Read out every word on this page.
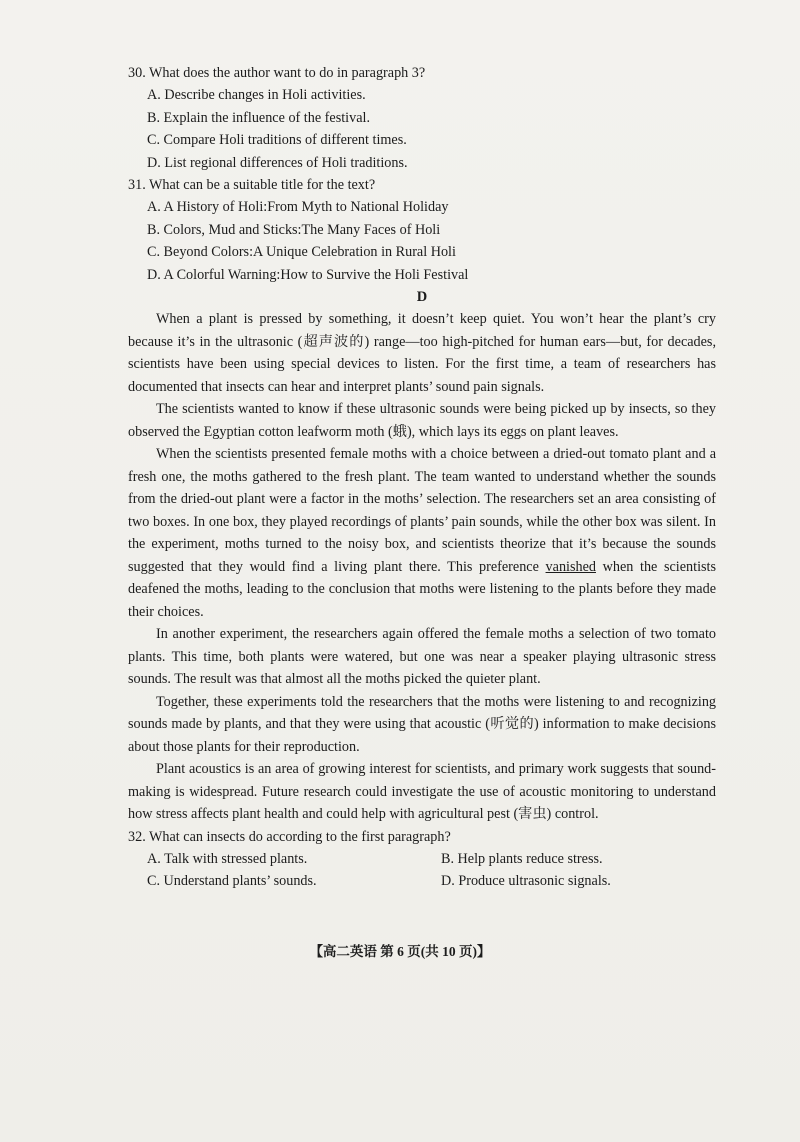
30. What does the author want to do in paragraph 3?
A. Describe changes in Holi activities.
B. Explain the influence of the festival.
C. Compare Holi traditions of different times.
D. List regional differences of Holi traditions.
31. What can be a suitable title for the text?
A. A History of Holi:From Myth to National Holiday
B. Colors, Mud and Sticks:The Many Faces of Holi
C. Beyond Colors:A Unique Celebration in Rural Holi
D. A Colorful Warning:How to Survive the Holi Festival
D
When a plant is pressed by something, it doesn’t keep quiet. You won’t hear the plant’s cry because it’s in the ultrasonic (超声波的) range—too high-pitched for human ears—but, for decades, scientists have been using special devices to listen. For the first time, a team of researchers has documented that insects can hear and interpret plants’ sound pain signals.
The scientists wanted to know if these ultrasonic sounds were being picked up by insects, so they observed the Egyptian cotton leafworm moth (蛾), which lays its eggs on plant leaves.
When the scientists presented female moths with a choice between a dried-out tomato plant and a fresh one, the moths gathered to the fresh plant. The team wanted to understand whether the sounds from the dried-out plant were a factor in the moths’ selection. The researchers set an area consisting of two boxes. In one box, they played recordings of plants’ pain sounds, while the other box was silent. In the experiment, moths turned to the noisy box, and scientists theorize that it’s because the sounds suggested that they would find a living plant there. This preference vanished when the scientists deafened the moths, leading to the conclusion that moths were listening to the plants before they made their choices.
In another experiment, the researchers again offered the female moths a selection of two tomato plants. This time, both plants were watered, but one was near a speaker playing ultrasonic stress sounds. The result was that almost all the moths picked the quieter plant.
Together, these experiments told the researchers that the moths were listening to and recognizing sounds made by plants, and that they were using that acoustic (听觉的) information to make decisions about those plants for their reproduction.
Plant acoustics is an area of growing interest for scientists, and primary work suggests that sound-making is widespread. Future research could investigate the use of acoustic monitoring to understand how stress affects plant health and could help with agricultural pest (害虫) control.
32. What can insects do according to the first paragraph?
A. Talk with stressed plants.	B. Help plants reduce stress.
C. Understand plants’ sounds.	D. Produce ultrasonic signals.
【高二英语 第 6 页(共 10 页)】
